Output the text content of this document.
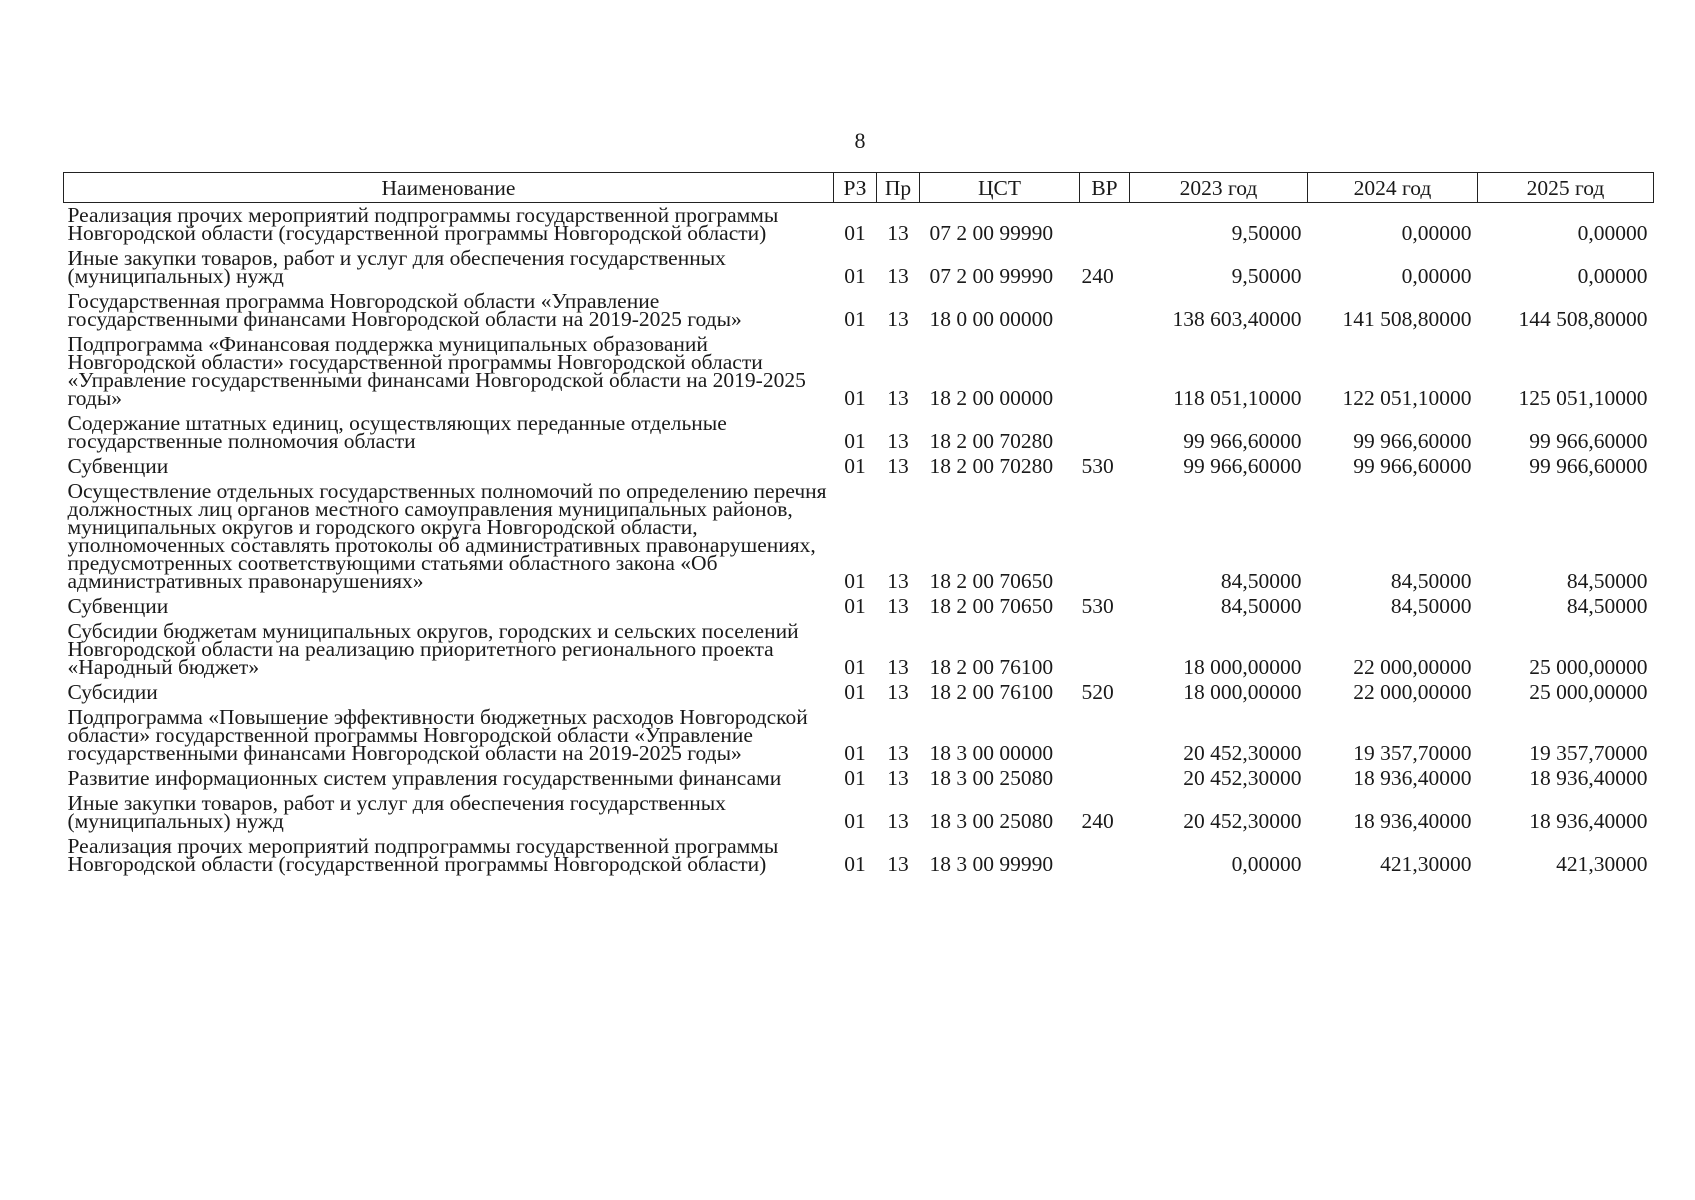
8
Наименование	РЗ	Пр	ЦСТ	ВР	2023 год	2024 год	2025 год
Реализация прочих мероприятий подпрограммы государственной программы Новгородской области (государственной программы Новгородской области)	01	13	07 2 00 99990		9,50000	0,00000	0,00000
Иные закупки товаров, работ и услуг для обеспечения государственных (муниципальных) нужд	01	13	07 2 00 99990	240	9,50000	0,00000	0,00000
Государственная программа Новгородской области «Управление государственными финансами Новгородской области на 2019-2025 годы»	01	13	18 0 00 00000		138 603,40000	141 508,80000	144 508,80000
Подпрограмма «Финансовая поддержка муниципальных образований Новгородской области» государственной программы Новгородской области «Управление государственными финансами Новгородской области на 2019-2025 годы»	01	13	18 2 00 00000		118 051,10000	122 051,10000	125 051,10000
Содержание штатных единиц, осуществляющих переданные отдельные государственные полномочия области	01	13	18 2 00 70280		99 966,60000	99 966,60000	99 966,60000
Субвенции	01	13	18 2 00 70280	530	99 966,60000	99 966,60000	99 966,60000
Осуществление отдельных государственных полномочий по определению перечня должностных лиц органов местного самоуправления муниципальных районов, муниципальных округов и городского округа Новгородской области, уполномоченных составлять протоколы об административных правонарушениях, предусмотренных соответствующими статьями областного закона «Об административных правонарушениях»	01	13	18 2 00 70650		84,50000	84,50000	84,50000
Субвенции	01	13	18 2 00 70650	530	84,50000	84,50000	84,50000
Субсидии бюджетам муниципальных округов, городских и сельских поселений Новгородской области на реализацию приоритетного регионального проекта «Народный бюджет»	01	13	18 2 00 76100		18 000,00000	22 000,00000	25 000,00000
Субсидии	01	13	18 2 00 76100	520	18 000,00000	22 000,00000	25 000,00000
Подпрограмма «Повышение эффективности бюджетных расходов Новгородской области» государственной программы Новгородской области «Управление государственными финансами Новгородской области на 2019-2025 годы»	01	13	18 3 00 00000		20 452,30000	19 357,70000	19 357,70000
Развитие информационных систем управления государственными финансами	01	13	18 3 00 25080		20 452,30000	18 936,40000	18 936,40000
Иные закупки товаров, работ и услуг для обеспечения государственных (муниципальных) нужд	01	13	18 3 00 25080	240	20 452,30000	18 936,40000	18 936,40000
Реализация прочих мероприятий подпрограммы государственной программы Новгородской области (государственной программы Новгородской области)	01	13	18 3 00 99990		0,00000	421,30000	421,30000
